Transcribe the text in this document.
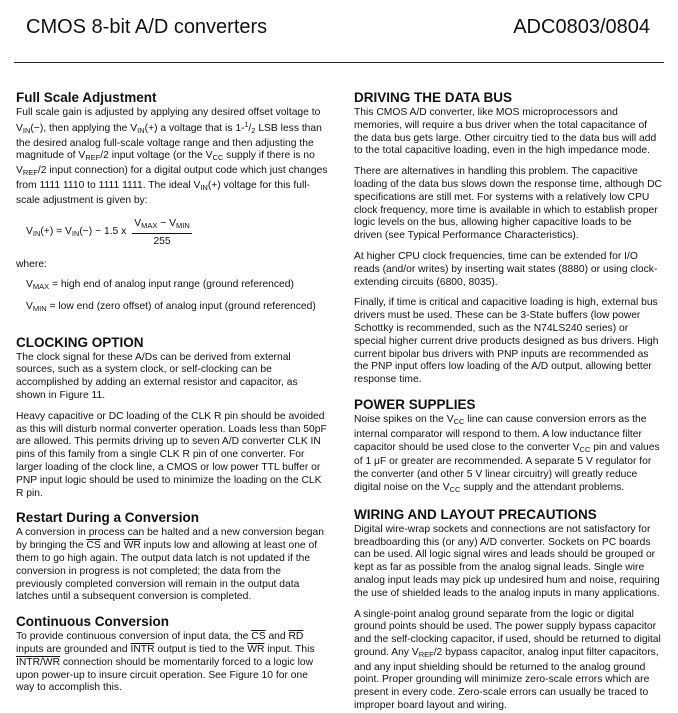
CMOS 8-bit A/D converters	ADC0803/0804
Full Scale Adjustment

Full scale gain is adjusted by applying any desired offset voltage to $V_{IN}(-)$, then applying the $V_{IN}(+)$ a voltage that is $1-^1/_2$ LSB less than the desired analog full-scale voltage range and then adjusting the magnitude of $V_{REF}/2$ input voltage (or the $V_{CC}$ supply if there is no $V_{REF}/2$ input connection) for a digital output code which just changes from 1111 1110 to 1111 1111. The ideal $V_{IN}(+)$ voltage for this full-scale adjustment is given by:

$V_{IN}(+) = V_{IN}(-) - 1.5$ x $\frac{V_{MAX} - V_{MIN}}{255}$

where:

$V_{MAX}$ = high end of analog input range (ground referenced)

$V_{MIN}$ = low end (zero offset) of analog input (ground referenced)

CLOCKING OPTION

The clock signal for these A/Ds can be derived from external sources, such as a system clock, or self-clocking can be accomplished by adding an external resistor and capacitor, as shown in Figure 11.

Heavy capacitive or DC loading of the CLK R pin should be avoided as this will disturb normal converter operation. Loads less than 50pF are allowed. This permits driving up to seven A/D converter CLK IN pins of this family from a single CLK R pin of one converter. For larger loading of the clock line, a CMOS or low power TTL buffer or PNP input logic should be used to minimize the loading on the CLK R pin.

Restart During a Conversion

A conversion in process can be halted and a new conversion began by bringing the $\overline{CS}$ and $\overline{WR}$ inputs low and allowing at least one of them to go high again. The output data latch is not updated if the conversion in progress is not completed; the data from the previously completed conversion will remain in the output data latches until a subsequent conversion is completed.

Continuous Conversion

To provide continuous conversion of input data, the $\overline{CS}$ and $\overline{RD}$ inputs are grounded and INTR output is tied to the $\overline{WR}$ input. This INTR/WR connection should be momentarily forced to a logic low upon power-up to insure circuit operation. See Figure 10 for one way to accomplish this.

DRIVING THE DATA BUS

This CMOS A/D converter, like MOS microprocessors and memories, will require a bus driver when the total capacitance of the data bus gets large. Other circuitry tied to the data bus will add to the total capacitive loading, even in the high impedance mode.

There are alternatives in handling this problem. The capacitive loading of the data bus slows down the response time, although DC specifications are still met. For systems with a relatively low CPU clock frequency, more time is available in which to establish proper logic levels on the bus, allowing higher capacitive loads to be driven (see Typical Performance Characteristics).

At higher CPU clock frequencies, time can be extended for I/O reads (and/or writes) by inserting wait states (8880) or using clock-extending circuits (6800, 8035).

Finally, if time is critical and capacitive loading is high, external bus drivers must be used. These can be 3-State buffers (low power Schottky is recommended, such as the N74LS240 series) or special higher current drive products designed as bus drivers. High current bipolar bus drivers with PNP inputs are recommended as the PNP input offers low loading of the A/D output, allowing better response time.

POWER SUPPLIES

Noise spikes on the $V_{CC}$ line can cause conversion errors as the internal comparator will respond to them. A low inductance filter capacitor should be used close to the converter $V_{CC}$ pin and values of 1 μF or greater are recommended. A separate 5 V regulator for the converter (and other 5 V linear circuitry) will greatly reduce digital noise on the $V_{CC}$ supply and the attendant problems.

WIRING AND LAYOUT PRECAUTIONS

Digital wire-wrap sockets and connections are not satisfactory for breadboarding this (or any) A/D converter. Sockets on PC boards can be used. All logic signal wires and leads should be grouped or kept as far as possible from the analog signal leads. Single wire analog input leads may pick up undesired hum and noise, requiring the use of shielded leads to the analog inputs in many applications.

A single-point analog ground separate from the logic or digital ground points should be used. The power supply bypass capacitor and the self-clocking capacitor, if used, should be returned to digital ground. Any $V_{REF}/2$ bypass capacitor, analog input filter capacitors, and any input shielding should be returned to the analog ground point. Proper grounding will minimize zero-scale errors which are present in every code. Zero-scale errors can usually be traced to improper board layout and wiring.
